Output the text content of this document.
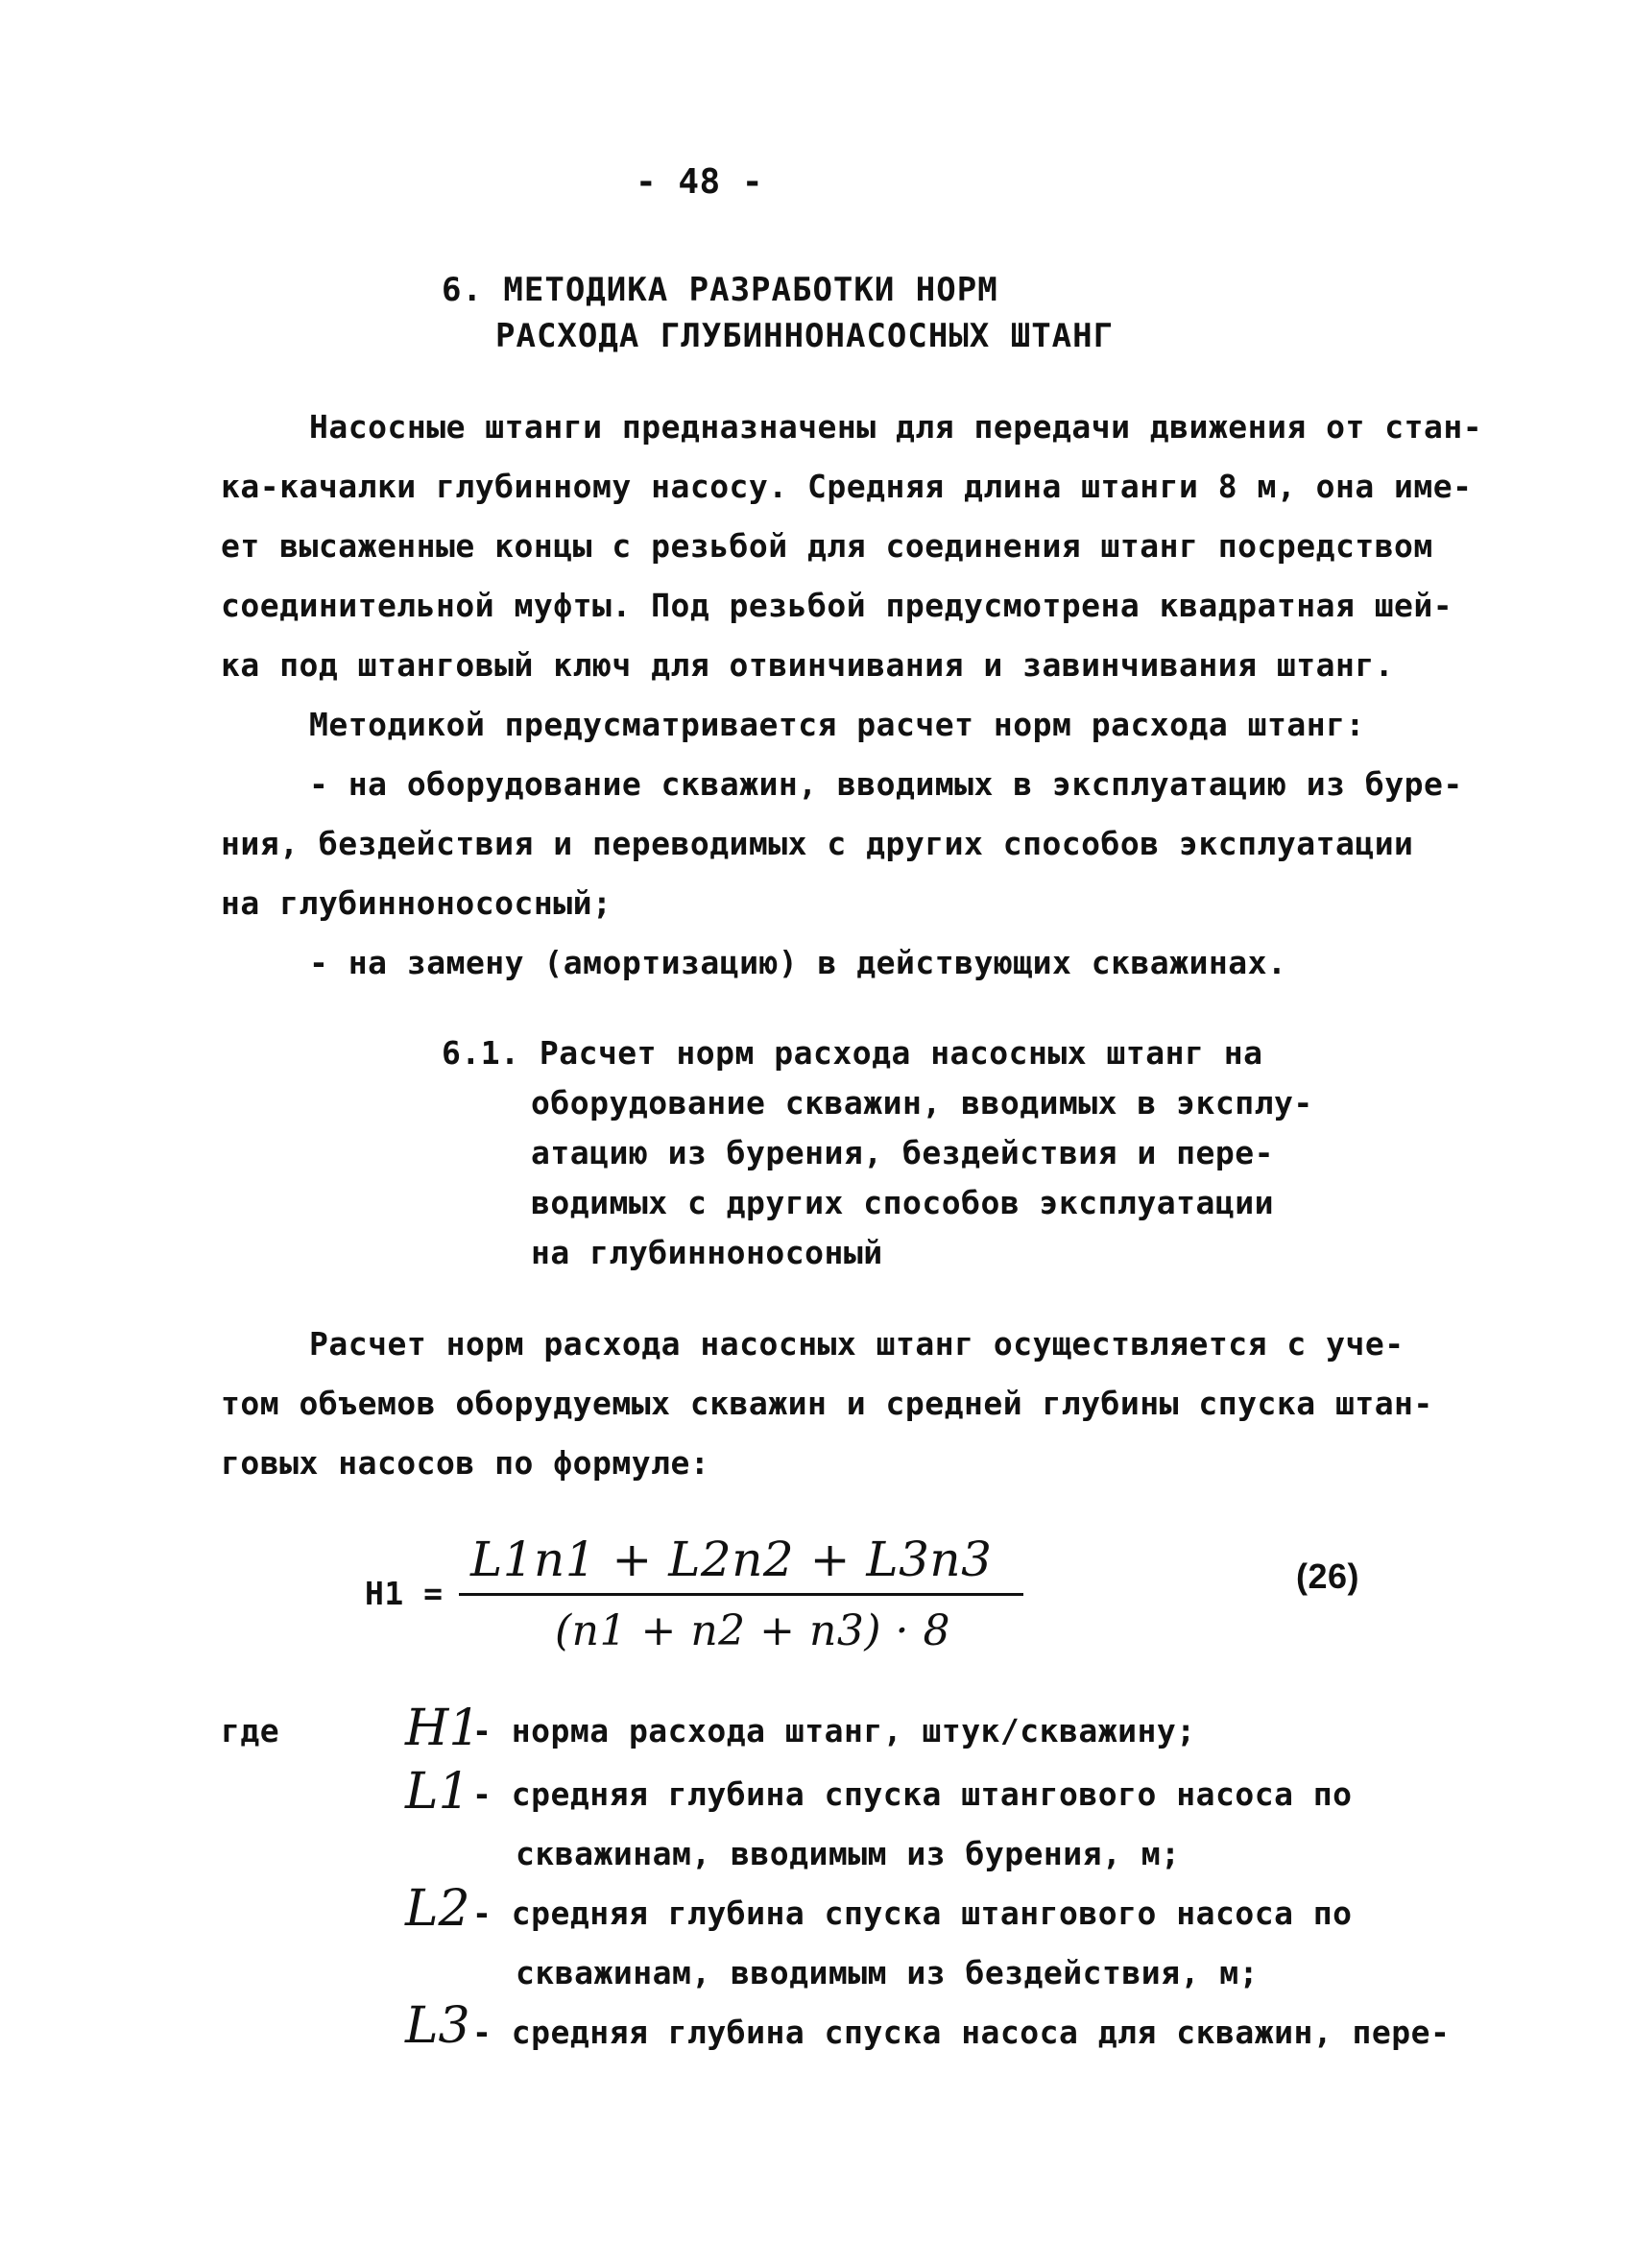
- 48 -
6. МЕТОДИКА РАЗРАБОТКИ НОРМ
РАСХОДА ГЛУБИННОНАСОСНЫХ ШТАНГ
Насосные штанги предназначены для передачи движения от стан-
ка-качалки глубинному насосу. Средняя длина штанги 8 м, она име-
ет высаженные концы с резьбой для соединения штанг посредством
соединительной муфты. Под резьбой предусмотрена квадратная шей-
ка под штанговый ключ для отвинчивания и завинчивания штанг.
Методикой предусматривается расчет норм расхода штанг:
- на оборудование скважин, вводимых в эксплуатацию из буре-
ния, бездействия и переводимых с других способов эксплуатации
на глубиннонососный;
- на замену (амортизацию) в действующих скважинах.
6.1. Расчет норм расхода насосных штанг на
оборудование скважин, вводимых в эксплу-
атацию из бурения, бездействия и пере-
водимых с других способов эксплуатации
на глубинноносоный
Расчет норм расхода насосных штанг осуществляется с уче-
том объемов оборудуемых скважин и средней глубины спуска штан-
говых насосов по формуле:
Н1 =
L1n1 + L2n2 + L3n3
(n1 + n2 + n3) · 8
(26)
где	H1
- норма расхода штанг, штук/скважину;
L1 - средняя глубина спуска штангового насоса по
скважинам, вводимым из бурения, м;
L2 - средняя глубина спуска штангового насоса по
скважинам, вводимым из бездействия, м;
L3 - средняя глубина спуска насоса для скважин, пере-
